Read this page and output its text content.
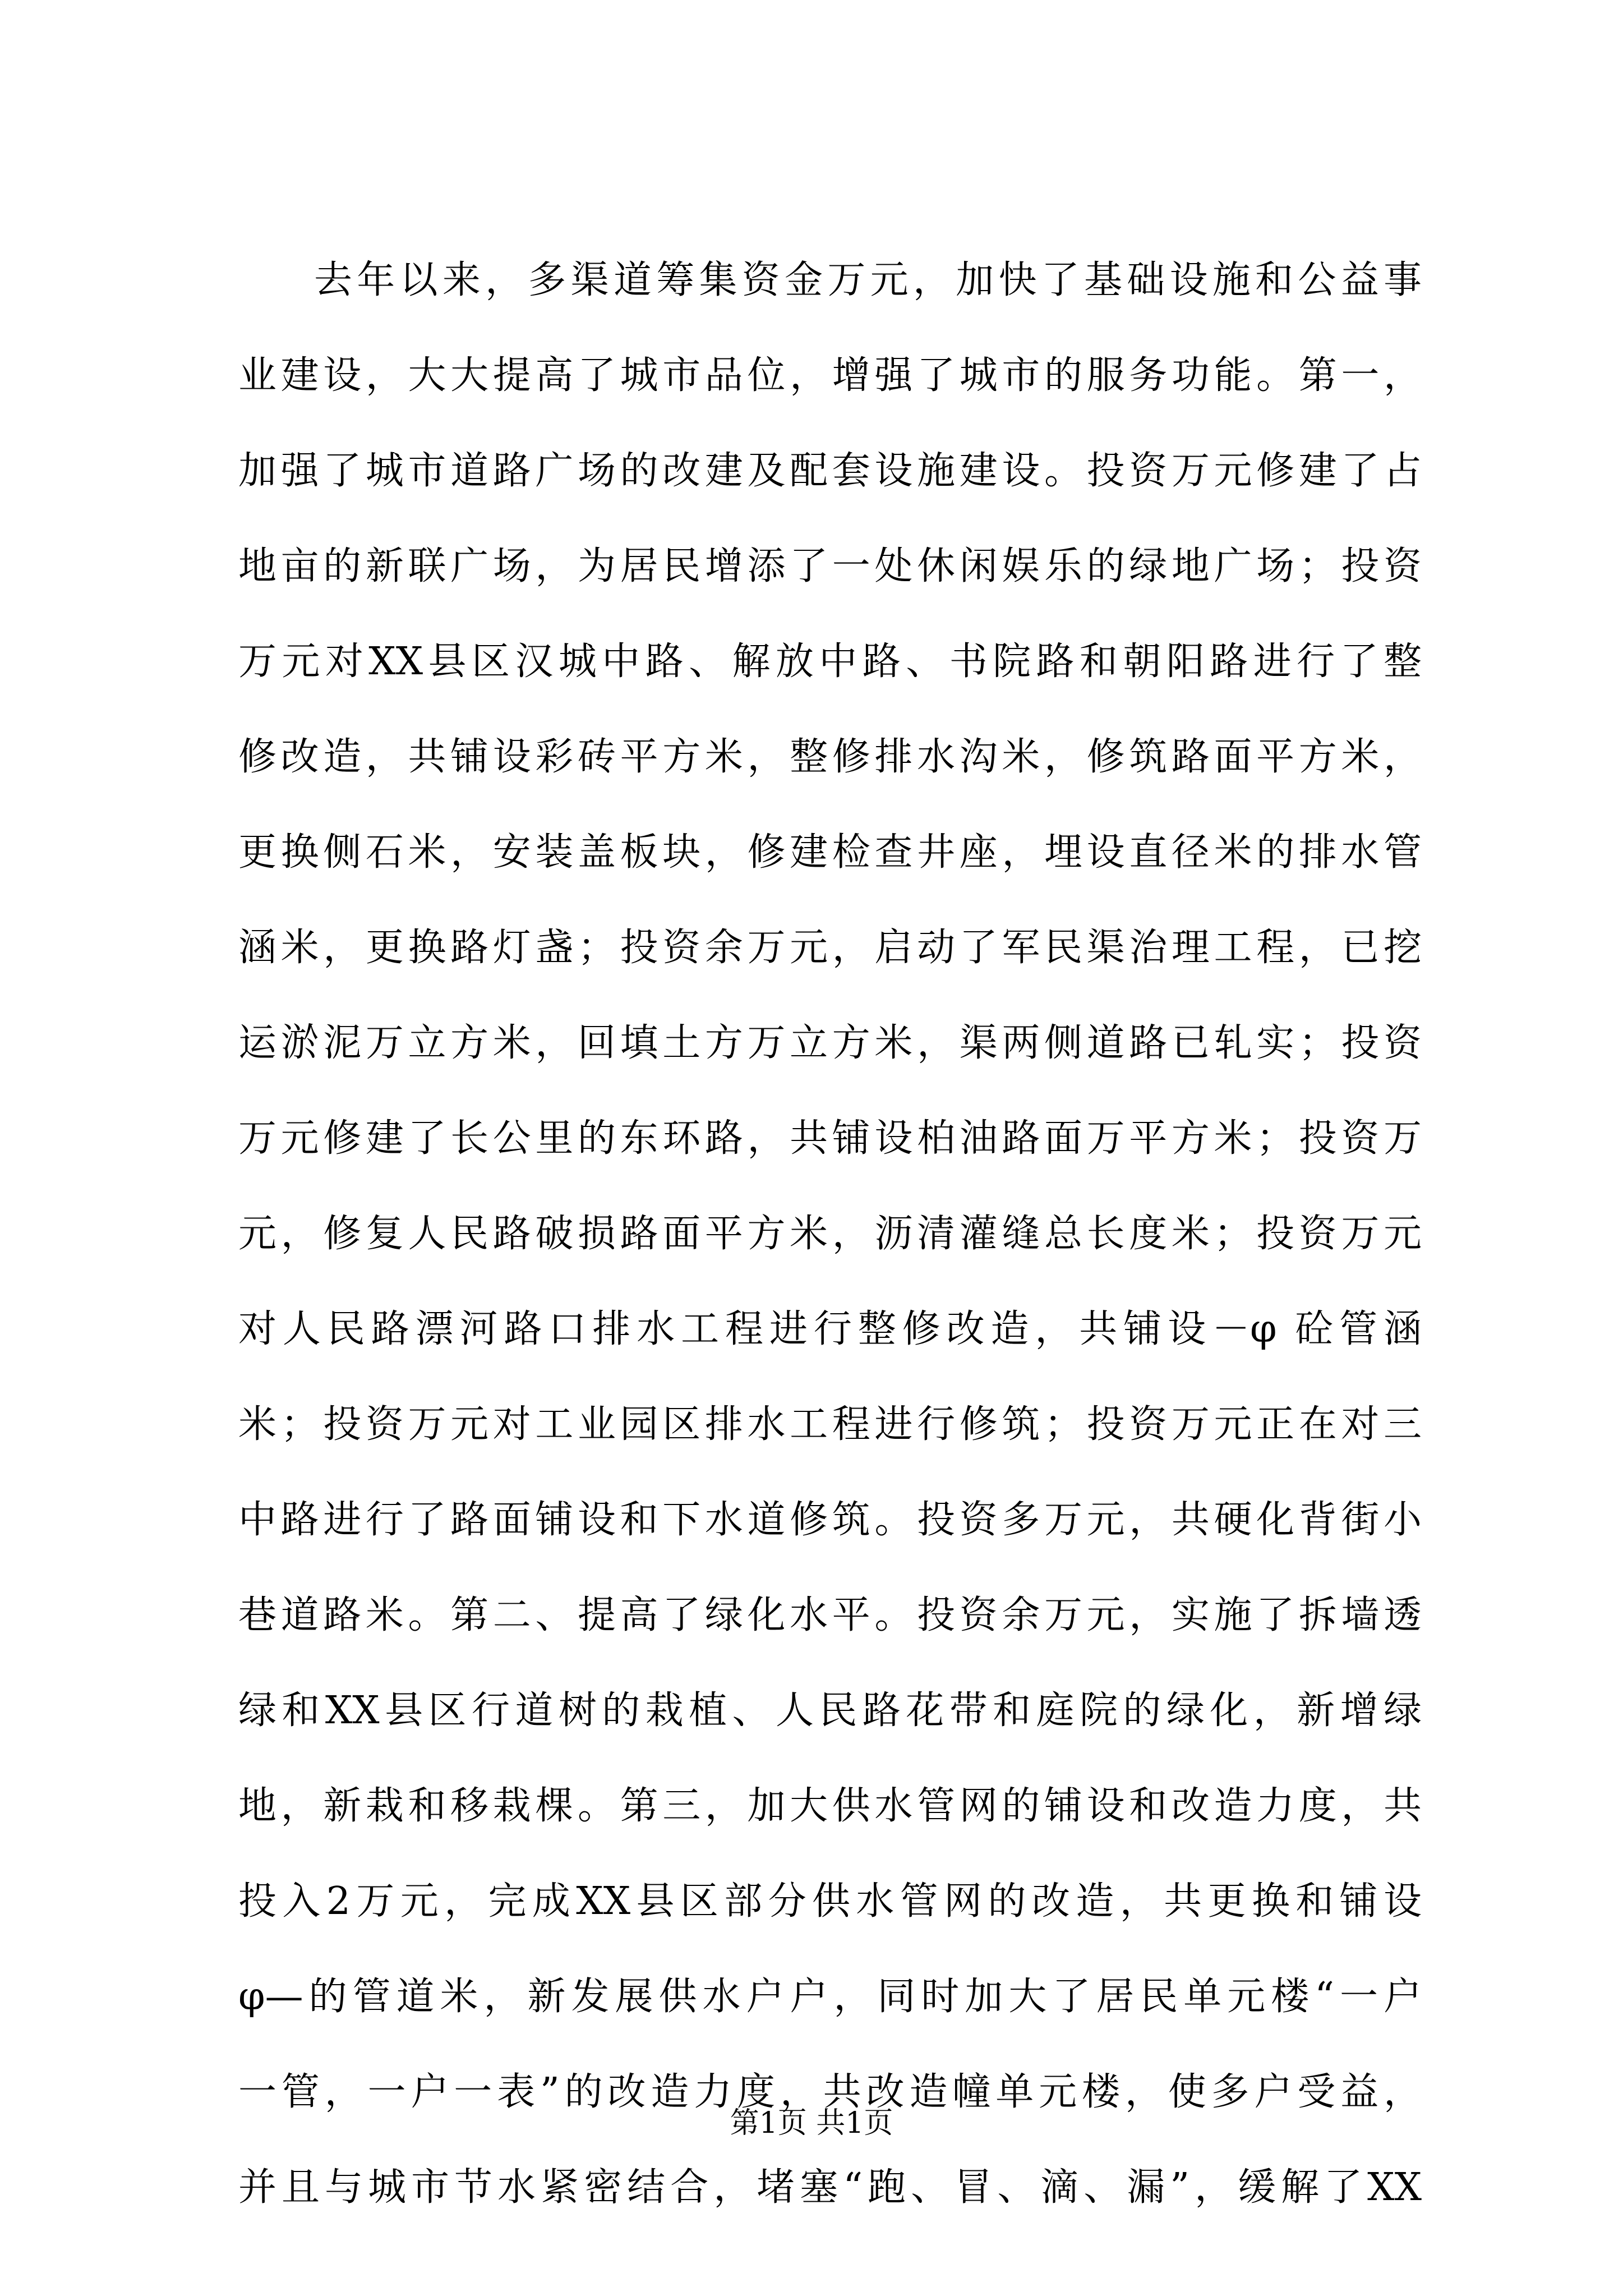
去年以来，多渠道筹集资金万元，加快了基础设施和公益事
业建设，大大提高了城市品位，增强了城市的服务功能。第一，
加强了城市道路广场的改建及配套设施建设。投资万元修建了占
地亩的新联广场，为居民增添了一处休闲娱乐的绿地广场；投资
万元对XX县区汉城中路、解放中路、书院路和朝阳路进行了整
修改造，共铺设彩砖平方米，整修排水沟米，修筑路面平方米，
更换侧石米，安装盖板块，修建检查井座，埋设直径米的排水管
涵米，更换路灯盏；投资余万元，启动了军民渠治理工程，已挖
运淤泥万立方米，回填土方万立方米，渠两侧道路已轧实；投资
万元修建了长公里的东环路，共铺设柏油路面万平方米；投资万
元，修复人民路破损路面平方米，沥清灌缝总长度米；投资万元
对人民路漂河路口排水工程进行整修改造，共铺设－φ 砼管涵
米；投资万元对工业园区排水工程进行修筑；投资万元正在对三
中路进行了路面铺设和下水道修筑。投资多万元，共硬化背街小
巷道路米。第二、提高了绿化水平。投资余万元，实施了拆墙透
绿和XX县区行道树的栽植、人民路花带和庭院的绿化，新增绿
地，新栽和移栽棵。第三，加大供水管网的铺设和改造力度，共
投入2万元，完成XX县区部分供水管网的改造，共更换和铺设
φ—的管道米，新发展供水户户，同时加大了居民单元楼“一户
一管，一户一表”的改造力度，共改造幢单元楼，使多户受益，
并且与城市节水紧密结合，堵塞“跑、冒、滴、漏”，缓解了XX
第1页 共1页
